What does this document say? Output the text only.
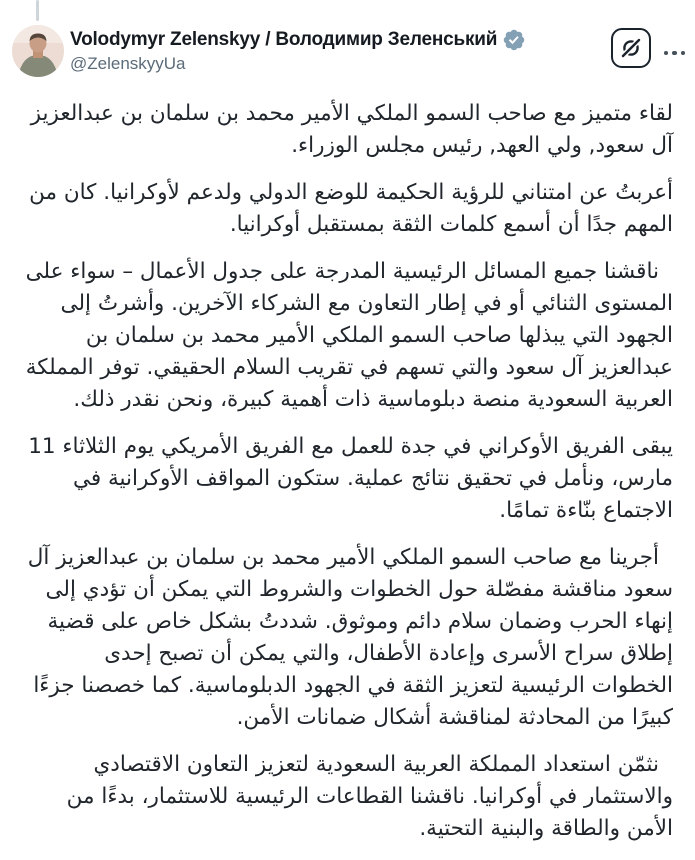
Volodymyr Zelenskyy / Володимир Зеленський
@ZelenskyyUa

لقاء متميز مع صاحب السمو الملكي الأمير محمد بن سلمان بن عبدالعزيز آل سعود, ولي العهد, رئيس مجلس الوزراء.

أعربتُ عن امتناني للرؤية الحكيمة للوضع الدولي ولدعم لأوكرانيا. كان من المهم جدًا أن أسمع كلمات الثقة بمستقبل أوكرانيا.

ناقشنا جميع المسائل الرئيسية المدرجة على جدول الأعمال – سواء على المستوى الثنائي أو في إطار التعاون مع الشركاء الآخرين. وأشرتُ إلى الجهود التي يبذلها صاحب السمو الملكي الأمير محمد بن سلمان بن عبدالعزيز آل سعود والتي تسهم في تقريب السلام الحقيقي. توفر المملكة العربية السعودية منصة دبلوماسية ذات أهمية كبيرة، ونحن نقدر ذلك.

يبقى الفريق الأوكراني في جدة للعمل مع الفريق الأمريكي يوم الثلاثاء 11 مارس، ونأمل في تحقيق نتائج عملية. ستكون المواقف الأوكرانية في الاجتماع بنّاءة تمامًا.

أجرينا مع صاحب السمو الملكي الأمير محمد بن سلمان بن عبدالعزيز آل سعود مناقشة مفصّلة حول الخطوات والشروط التي يمكن أن تؤدي إلى إنهاء الحرب وضمان سلام دائم وموثوق. شددتُ بشكل خاص على قضية إطلاق سراح الأسرى وإعادة الأطفال، والتي يمكن أن تصبح إحدى الخطوات الرئيسية لتعزيز الثقة في الجهود الدبلوماسية. كما خصصنا جزءًا كبيرًا من المحادثة لمناقشة أشكال ضمانات الأمن.

نثمّن استعداد المملكة العربية السعودية لتعزيز التعاون الاقتصادي والاستثمار في أوكرانيا. ناقشنا القطاعات الرئيسية للاستثمار، بدءًا من الأمن والطاقة والبنية التحتية.
